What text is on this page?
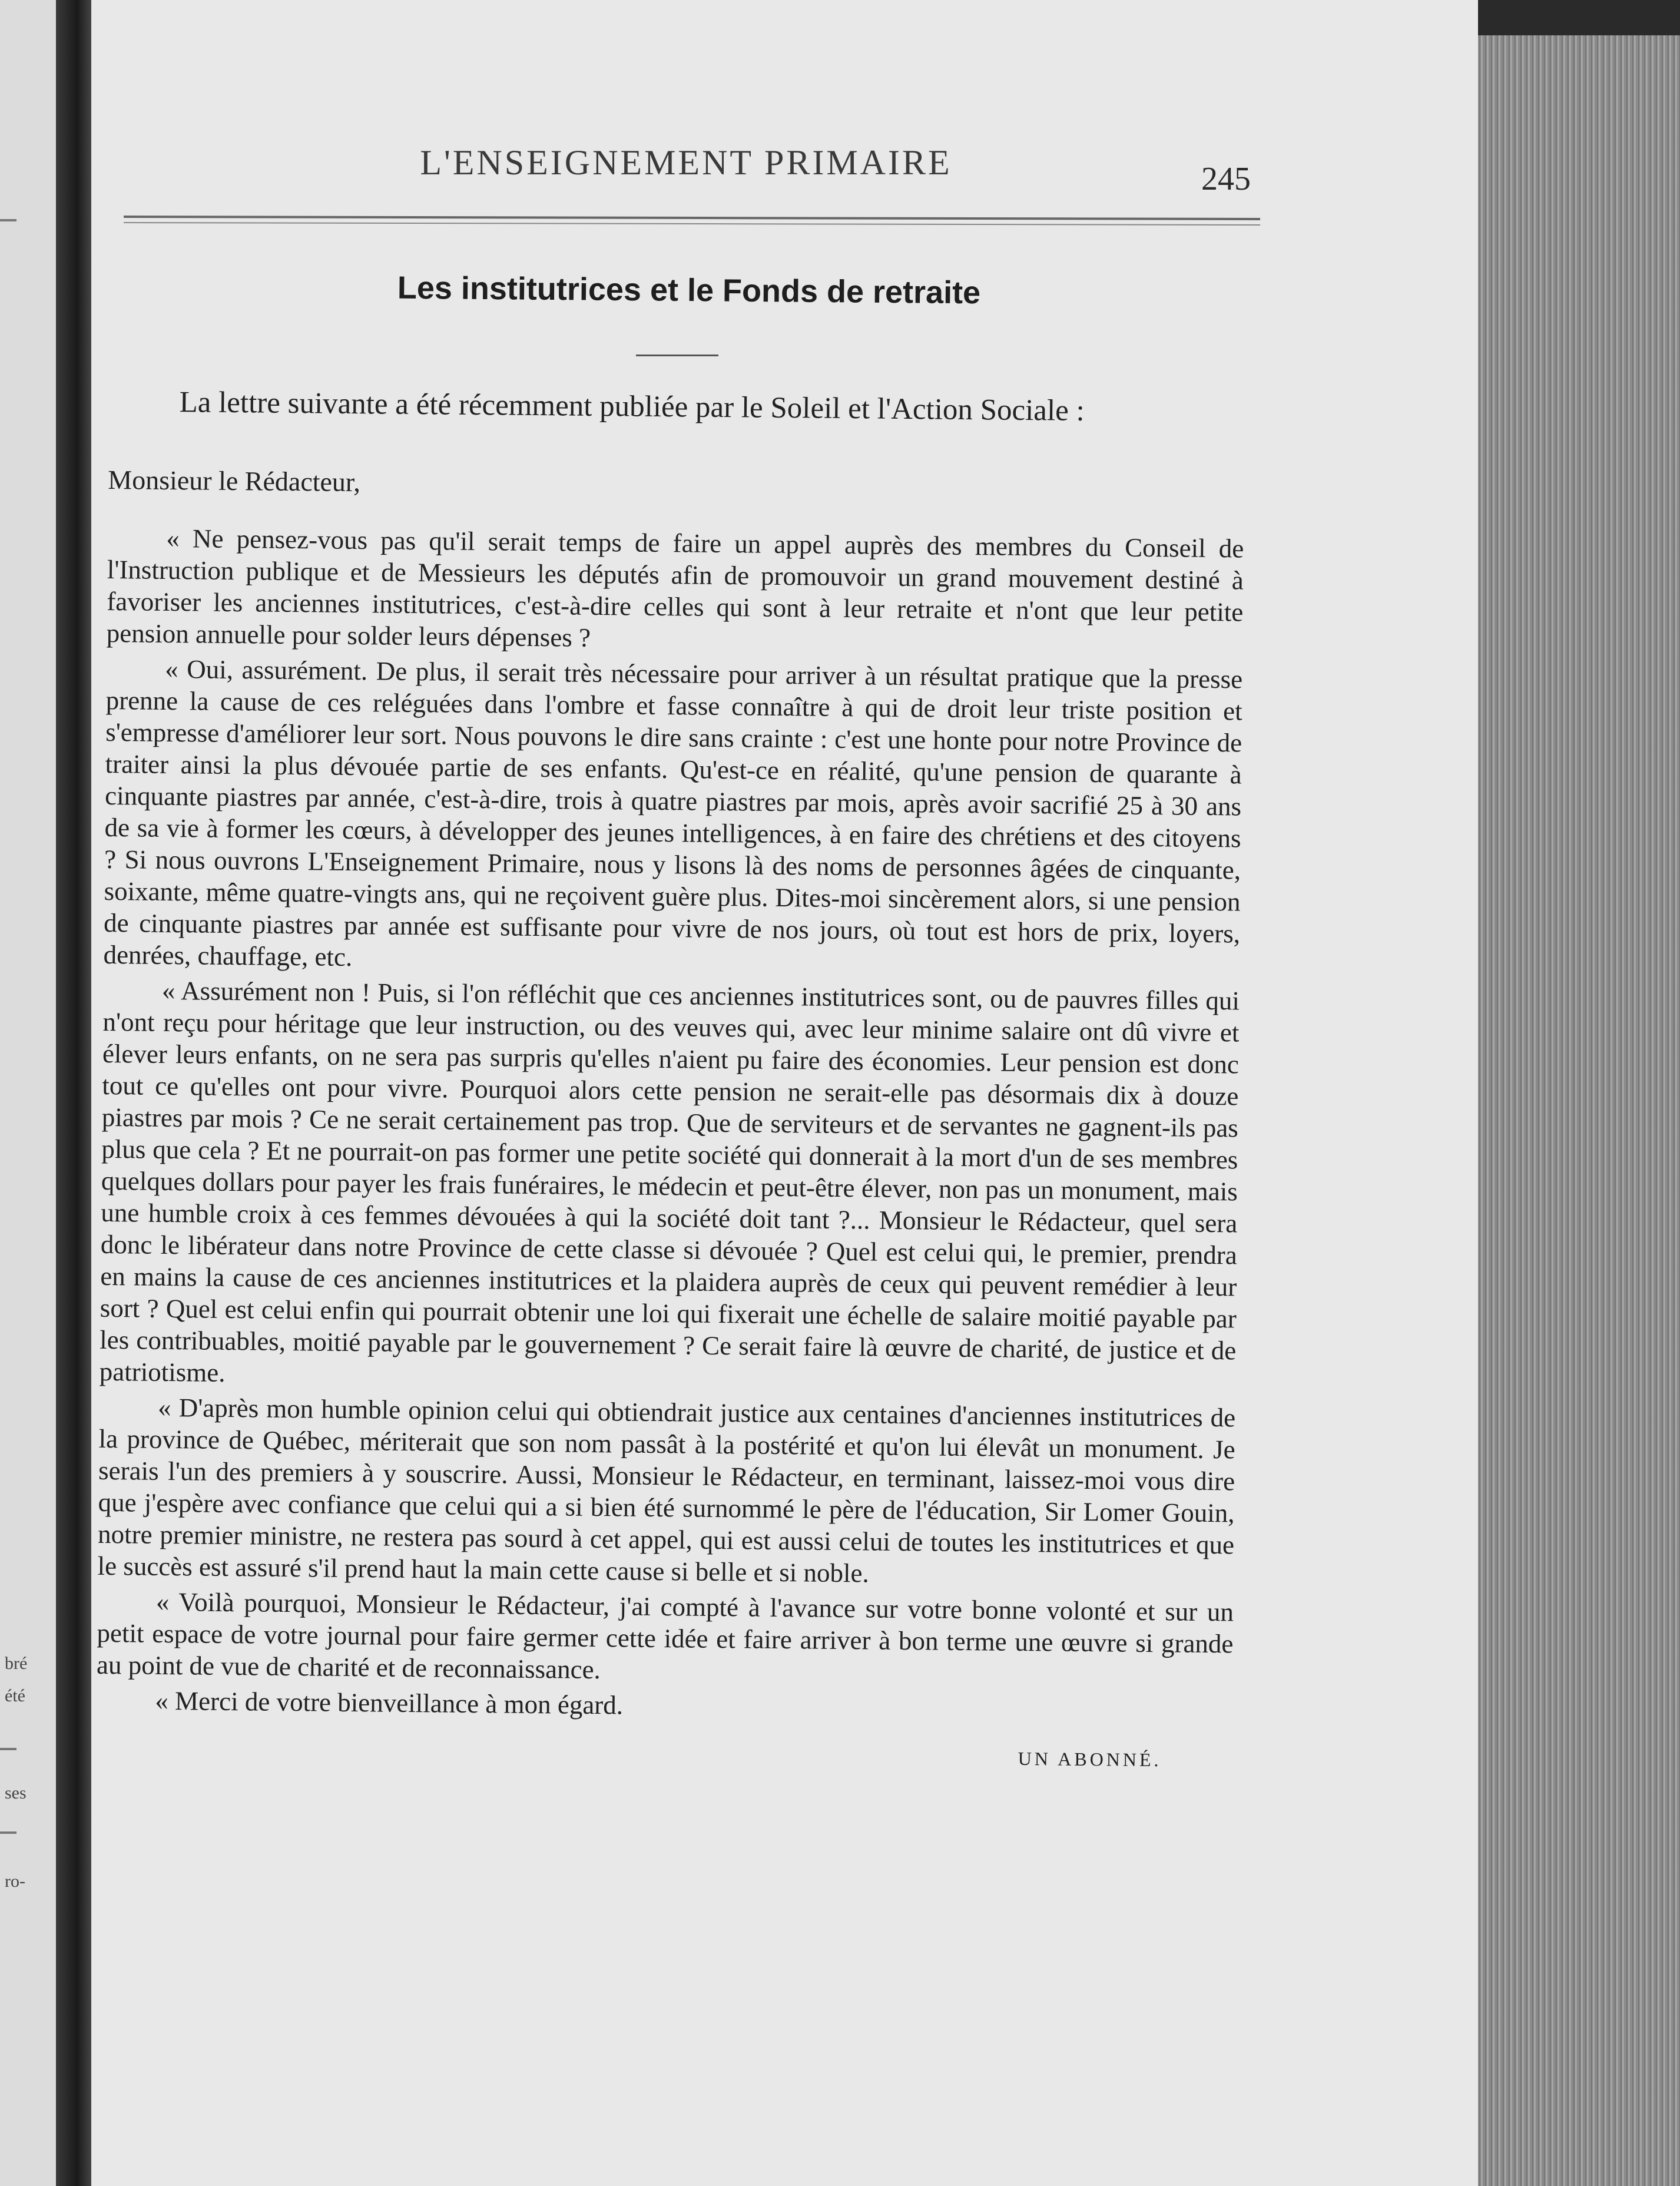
bré
été
ses
ro-
L'ENSEIGNEMENT PRIMAIRE	245
Les institutrices et le Fonds de retraite

La lettre suivante a été récemment publiée par le Soleil et l'Action Sociale :

Monsieur le Rédacteur,

« Ne pensez-vous pas qu'il serait temps de faire un appel auprès des membres du Conseil de l'Instruction publique et de Messieurs les députés afin de promouvoir un grand mouvement destiné à favoriser les anciennes institutrices, c'est-à-dire celles qui sont à leur retraite et n'ont que leur petite pension annuelle pour solder leurs dépenses ?

« Oui, assurément. De plus, il serait très nécessaire pour arriver à un résultat pratique que la presse prenne la cause de ces reléguées dans l'ombre et fasse connaître à qui de droit leur triste position et s'empresse d'améliorer leur sort. Nous pouvons le dire sans crainte : c'est une honte pour notre Province de traiter ainsi la plus dévouée partie de ses enfants. Qu'est-ce en réalité, qu'une pension de quarante à cinquante piastres par année, c'est-à-dire, trois à quatre piastres par mois, après avoir sacrifié 25 à 30 ans de sa vie à former les cœurs, à développer des jeunes intelligences, à en faire des chrétiens et des citoyens ? Si nous ouvrons L'Enseignement Primaire, nous y lisons là des noms de personnes âgées de cinquante, soixante, même quatre-vingts ans, qui ne reçoivent guère plus. Dites-moi sincèrement alors, si une pension de cinquante piastres par année est suffisante pour vivre de nos jours, où tout est hors de prix, loyers, denrées, chauffage, etc.

« Assurément non ! Puis, si l'on réfléchit que ces anciennes institutrices sont, ou de pauvres filles qui n'ont reçu pour héritage que leur instruction, ou des veuves qui, avec leur minime salaire ont dû vivre et élever leurs enfants, on ne sera pas surpris qu'elles n'aient pu faire des économies. Leur pension est donc tout ce qu'elles ont pour vivre. Pourquoi alors cette pension ne serait-elle pas désormais dix à douze piastres par mois ? Ce ne serait certainement pas trop. Que de serviteurs et de servantes ne gagnent-ils pas plus que cela ? Et ne pourrait-on pas former une petite société qui donnerait à la mort d'un de ses membres quelques dollars pour payer les frais funéraires, le médecin et peut-être élever, non pas un monument, mais une humble croix à ces femmes dévouées à qui la société doit tant ?... Monsieur le Rédacteur, quel sera donc le libérateur dans notre Province de cette classe si dévouée ? Quel est celui qui, le premier, prendra en mains la cause de ces anciennes institutrices et la plaidera auprès de ceux qui peuvent remédier à leur sort ? Quel est celui enfin qui pourrait obtenir une loi qui fixerait une échelle de salaire moitié payable par les contribuables, moitié payable par le gouvernement ? Ce serait faire là œuvre de charité, de justice et de patriotisme.

« D'après mon humble opinion celui qui obtiendrait justice aux centaines d'anciennes institutrices de la province de Québec, mériterait que son nom passât à la postérité et qu'on lui élevât un monument. Je serais l'un des premiers à y souscrire. Aussi, Monsieur le Rédacteur, en terminant, laissez-moi vous dire que j'espère avec confiance que celui qui a si bien été surnommé le père de l'éducation, Sir Lomer Gouin, notre premier ministre, ne restera pas sourd à cet appel, qui est aussi celui de toutes les institutrices et que le succès est assuré s'il prend haut la main cette cause si belle et si noble.

« Voilà pourquoi, Monsieur le Rédacteur, j'ai compté à l'avance sur votre bonne volonté et sur un petit espace de votre journal pour faire germer cette idée et faire arriver à bon terme une œuvre si grande au point de vue de charité et de reconnaissance.

« Merci de votre bienveillance à mon égard.

UN ABONNÉ.
